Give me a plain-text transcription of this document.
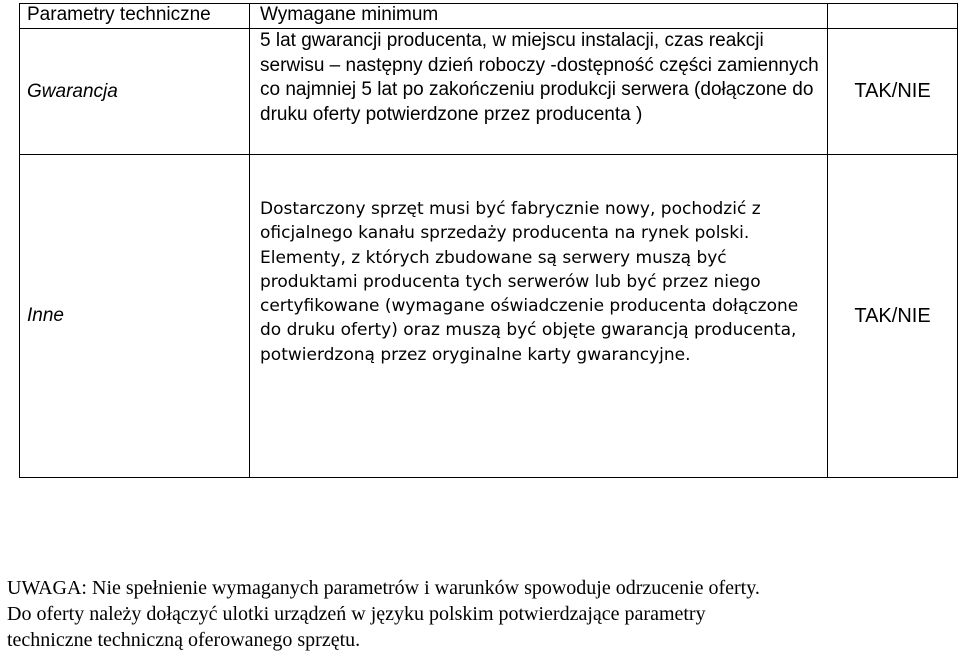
Parametry techniczne	Wymagane minimum	
Gwarancja	5 lat gwarancji producenta, w miejscu instalacji, czas reakcji serwisu – następny dzień roboczy -dostępność części zamiennych co najmniej 5 lat po zakończeniu produkcji serwera (dołączone do druku oferty potwierdzone przez producenta )	TAK/NIE
Inne	Dostarczony sprzęt musi być fabrycznie nowy, pochodzić z oficjalnego kanału sprzedaży producenta na rynek polski. Elementy, z których zbudowane są serwery muszą być produktami producenta tych serwerów lub być przez niego certyfikowane (wymagane oświadczenie producenta dołączone do druku oferty) oraz muszą być objęte gwarancją producenta, potwierdzoną przez oryginalne karty gwarancyjne.	TAK/NIE
UWAGA: Nie spełnienie wymaganych parametrów i warunków spowoduje odrzucenie oferty.
Do oferty należy dołączyć ulotki urządzeń w języku polskim potwierdzające parametry
techniczne techniczną oferowanego sprzętu.
